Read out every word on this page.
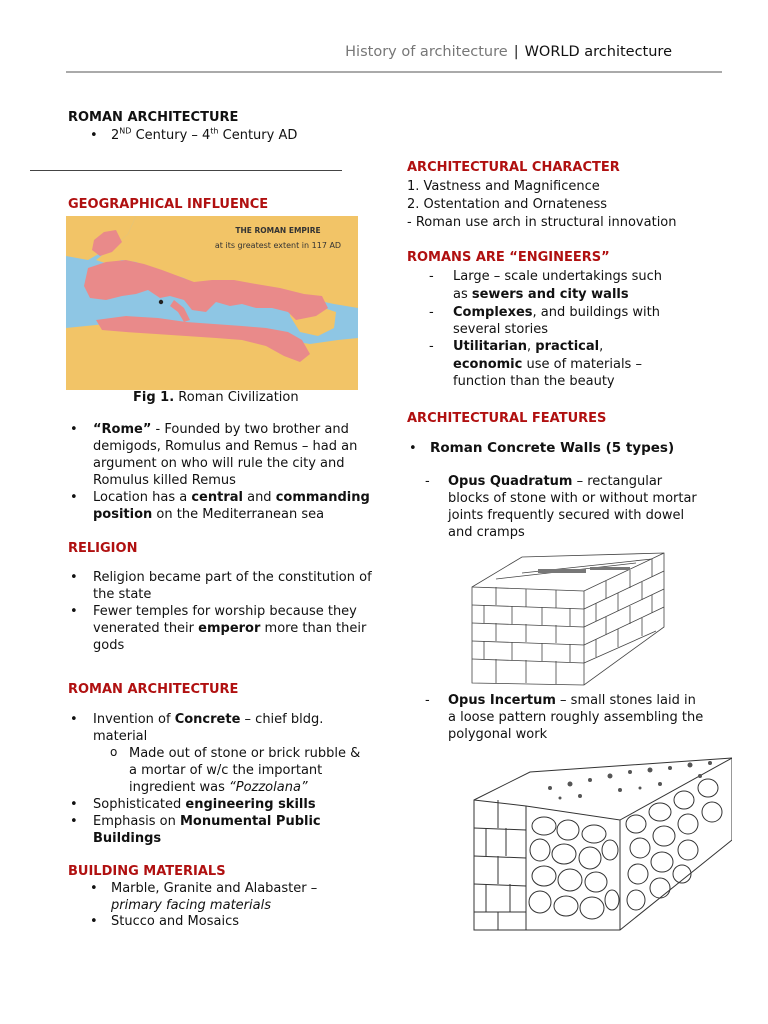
History of architecture | WORLD architecture
ROMAN ARCHITECTURE
•	2ND Century – 4th Century AD
GEOGRAPHICAL INFLUENCE
THE ROMAN EMPIRE
at its greatest extent in 117 AD
Fig 1. Roman Civilization
•	“Rome” - Founded by two brother and
demigods, Romulus and Remus – had an
argument on who will rule the city and
Romulus killed Remus
•	Location has a central and commanding
position on the Mediterranean sea
RELIGION
•	Religion became part of the constitution of
the state
•	Fewer temples for worship because they
venerated their emperor more than their
gods
ROMAN ARCHITECTURE
•	Invention of Concrete – chief bldg.
material
o Made out of stone or brick rubble &
a mortar of w/c the important
ingredient was “Pozzolana”
•	Sophisticated engineering skills
•	Emphasis on Monumental Public
Buildings
BUILDING MATERIALS
•	Marble, Granite and Alabaster –
primary facing materials
•	Stucco and Mosaics
ARCHITECTURAL CHARACTER
1. Vastness and Magnificence
2. Ostentation and Ornateness
- Roman use arch in structural innovation
ROMANS ARE “ENGINEERS”
- Large – scale undertakings such
as sewers and city walls
- Complexes, and buildings with
several stories
- Utilitarian, practical,
economic use of materials –
function than the beauty
ARCHITECTURAL FEATURES
• Roman Concrete Walls (5 types)
- Opus Quadratum – rectangular
blocks of stone with or without mortar
joints frequently secured with dowel
and cramps
- Opus Incertum – small stones laid in
a loose pattern roughly assembling the
polygonal work
